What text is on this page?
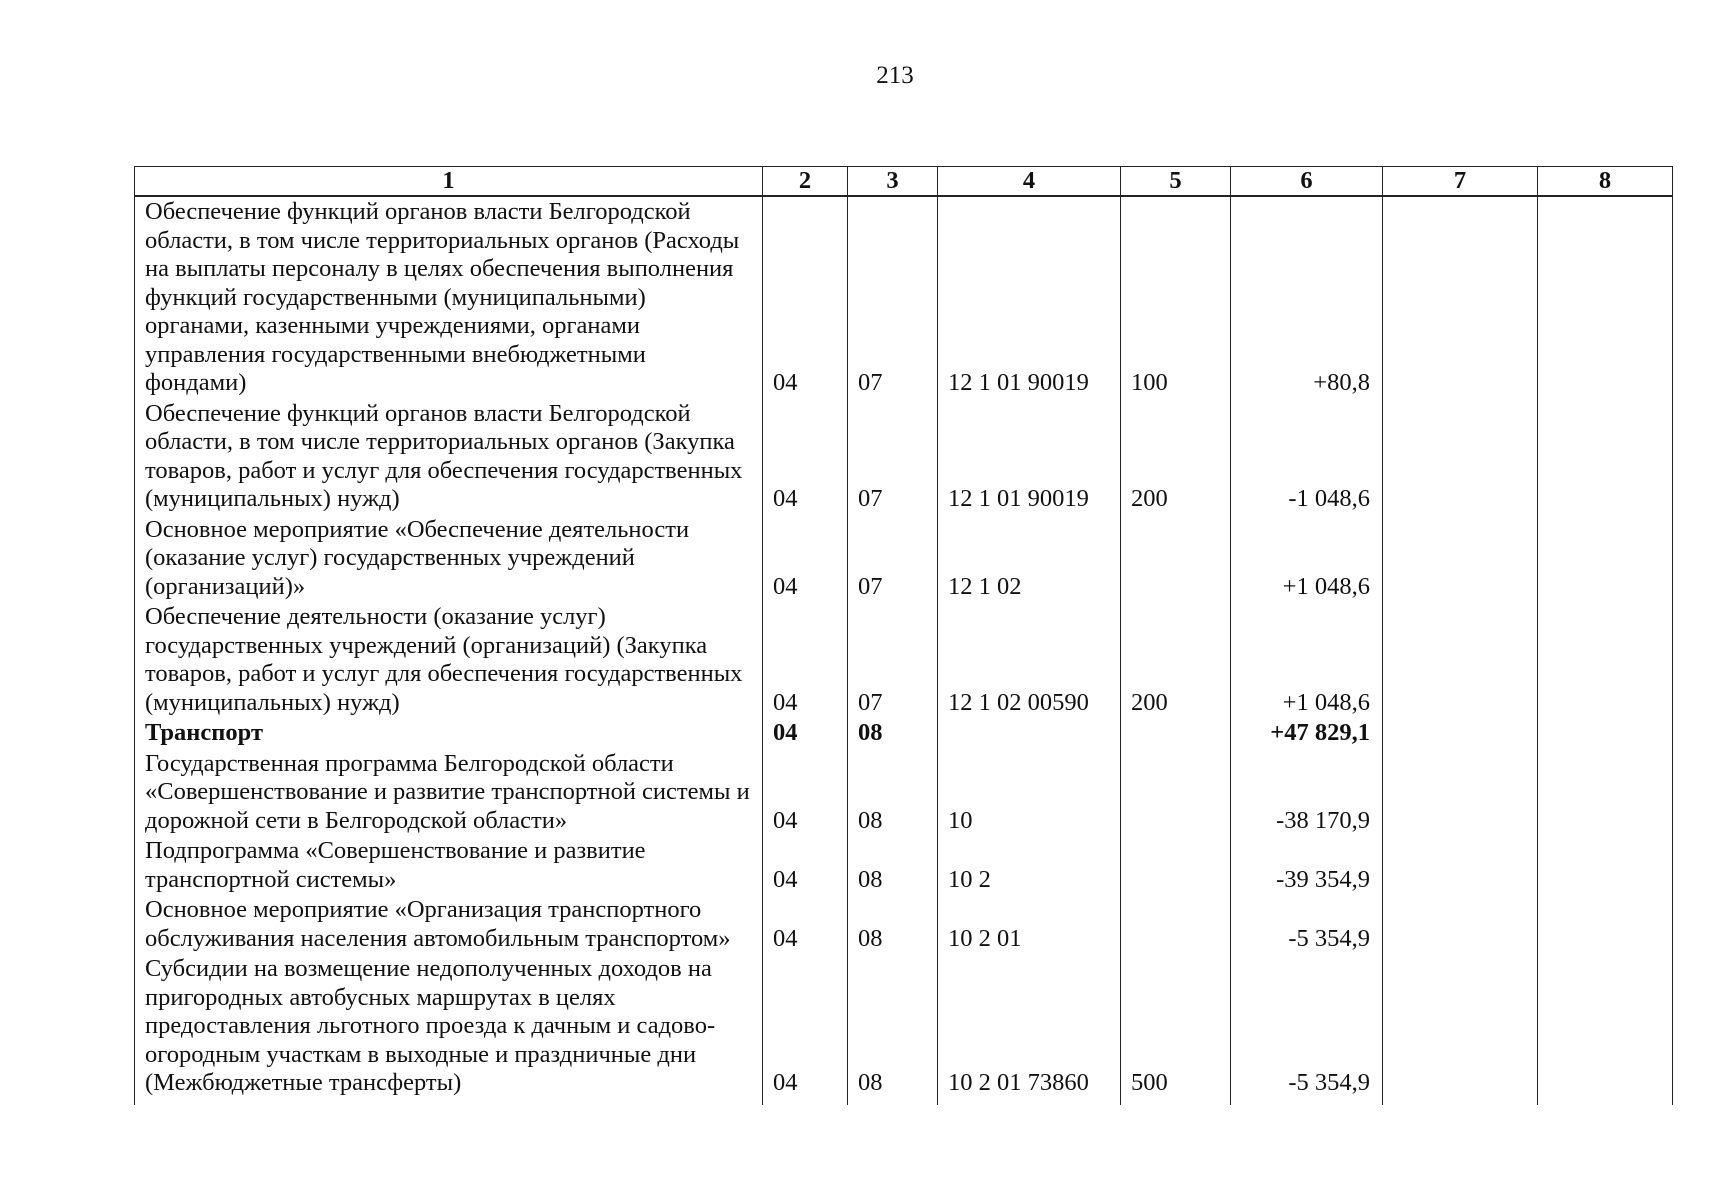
213
1	2	3	4	5	6	7	8
Обеспечение функций органов власти Белгородской области, в том числе территориальных органов (Расходы на выплаты персоналу в целях обеспечения выполнения функций государственными (муниципальными) органами, казенными учреждениями, органами управления государственными внебюджетными фондами)	04	07	12 1 01 90019	100	+80,8		
Обеспечение функций органов власти Белгородской области, в том числе территориальных органов (Закупка товаров, работ и услуг для обеспечения государственных (муниципальных) нужд)	04	07	12 1 01 90019	200	-1 048,6		
Основное мероприятие «Обеспечение деятельности (оказание услуг) государственных учреждений (организаций)»	04	07	12 1 02		+1 048,6		
Обеспечение деятельности (оказание услуг) государственных учреждений (организаций) (Закупка товаров, работ и услуг для обеспечения государственных (муниципальных) нужд)	04	07	12 1 02 00590	200	+1 048,6		
Транспорт	04	08			+47 829,1		
Государственная программа Белгородской области «Совершенствование и развитие транспортной системы и дорожной сети в Белгородской области»	04	08	10		-38 170,9		
Подпрограмма «Совершенствование и развитие транспортной системы»	04	08	10 2		-39 354,9		
Основное мероприятие «Организация транспортного обслуживания населения автомобильным транспортом»	04	08	10 2 01		-5 354,9		
Субсидии на возмещение недополученных доходов на пригородных автобусных маршрутах в целях предоставления льготного проезда к дачным и садово-огородным участкам в выходные и праздничные дни (Межбюджетные трансферты)	04	08	10 2 01 73860	500	-5 354,9		
